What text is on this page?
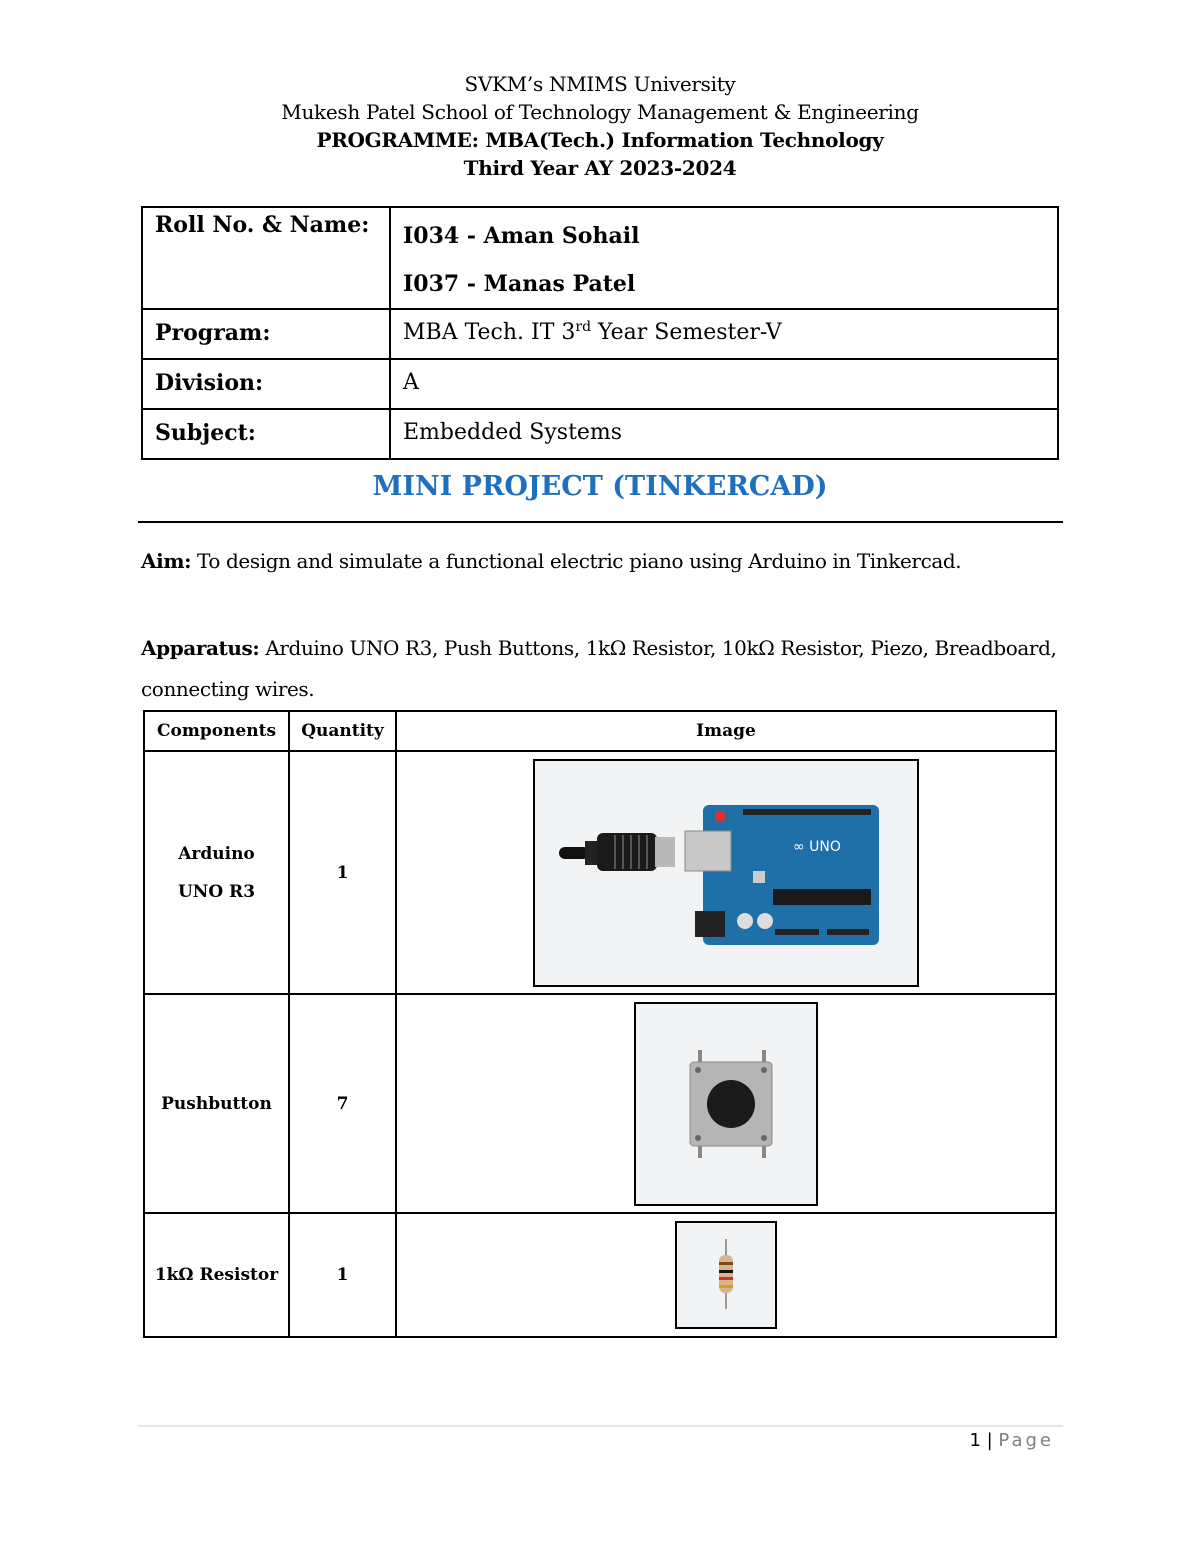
SVKM’s NMIMS University
Mukesh Patel School of Technology Management & Engineering
PROGRAMME: MBA(Tech.) Information Technology
Third Year AY 2023-2024
Roll No. & Name:	I034 - Aman Sohail
I037 - Manas Patel

Program:	MBA Tech. IT 3rd Year Semester-V
Division:	A
Subject:	Embedded Systems
MINI PROJECT (TINKERCAD)
Aim: To design and simulate a functional electric piano using Arduino in Tinkercad.
Apparatus: Arduino UNO R3, Push Buttons, 1kΩ Resistor, 10kΩ Resistor, Piezo, Breadboard, connecting wires.
Components	Quantity	Image

Arduino UNO R3	1	∞ UNO

Pushbutton	7	

1kΩ Resistor	1	
1 | Page
